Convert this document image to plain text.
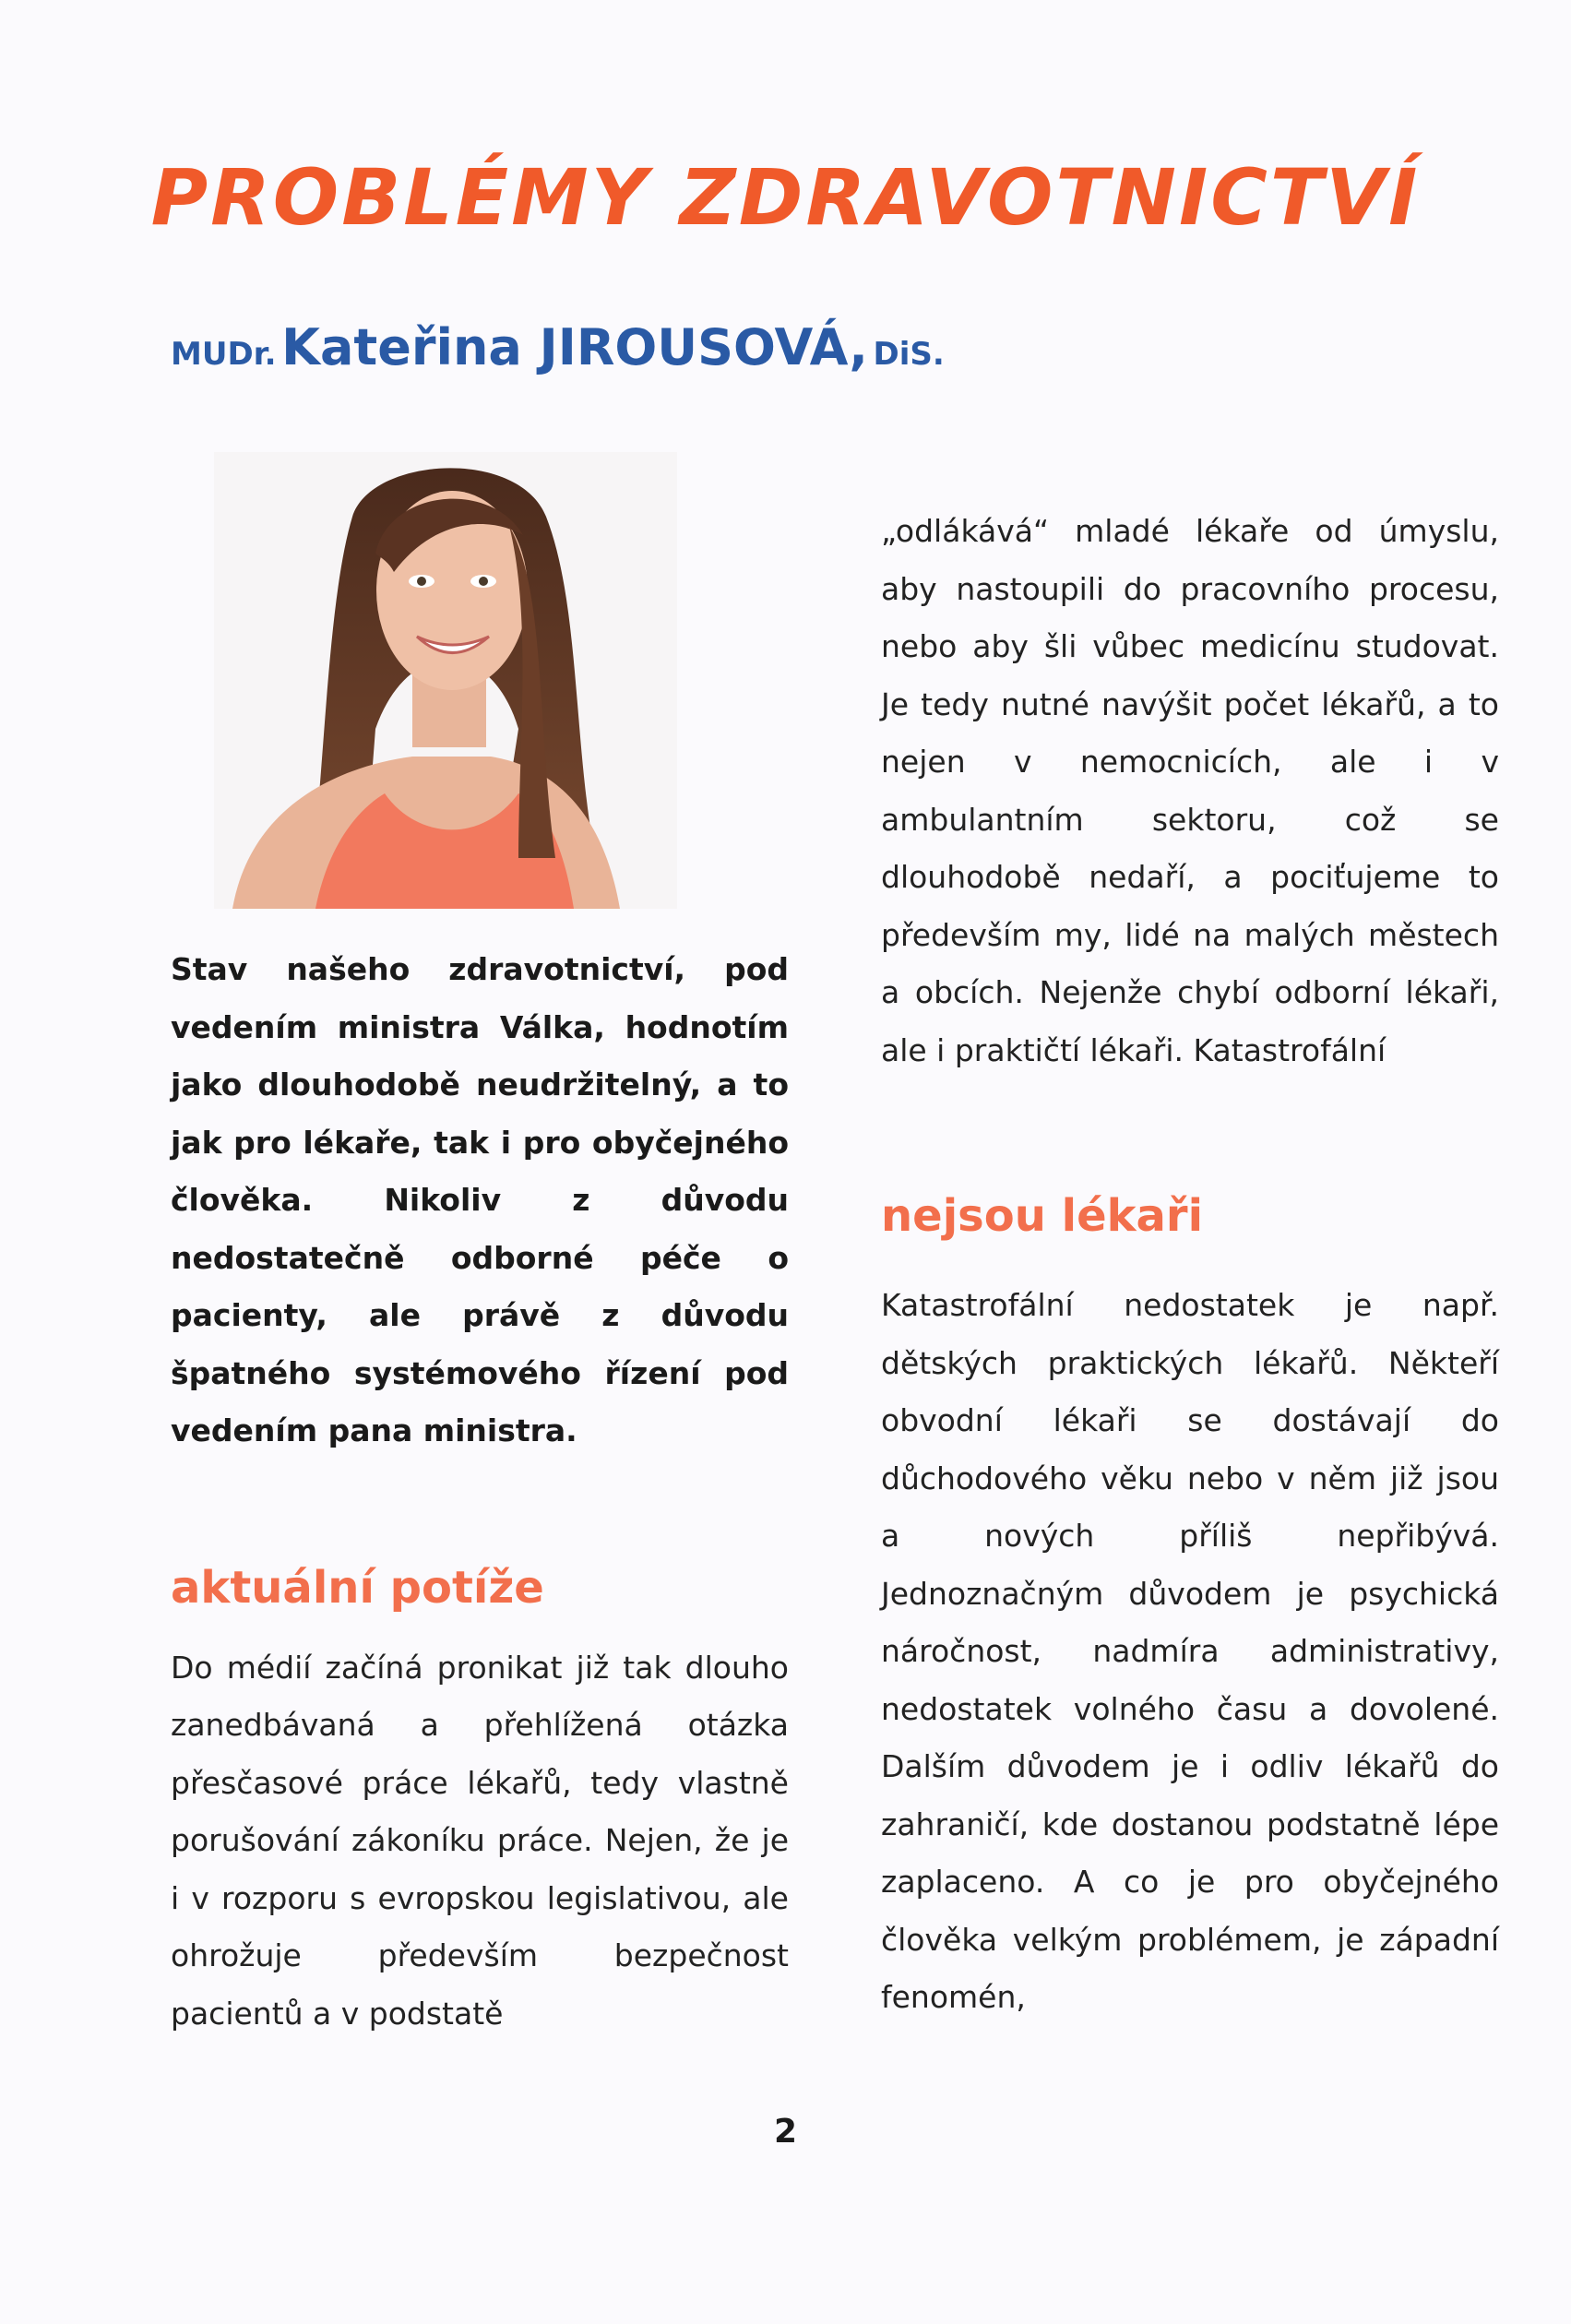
PROBLÉMY ZDRAVOTNICTVÍ
MUDr. Kateřina JIROUSOVÁ, DiS.

Stav našeho zdravotnictví, pod vedením ministra Válka, hodnotím jako dlouhodobě neudržitelný, a to jak pro lékaře, tak i pro obyčejného člověka. Nikoliv z důvodu nedostatečně odborné péče o pacienty, ale právě z důvodu špatného systémového řízení pod vedením pana ministra.

aktuální potíže

Do médií začíná pronikat již tak dlouho zanedbávaná a přehlížená otázka přesčasové práce lékařů, tedy vlastně porušování zákoníku práce. Nejen, že je i v rozporu s evropskou legislativou, ale ohrožuje především bezpečnost pacientů a v podstatě

„odlákává“ mladé lékaře od úmyslu, aby nastoupili do pracovního procesu, nebo aby šli vůbec medicínu studovat. Je tedy nutné navýšit počet lékařů, a to nejen v nemocnicích, ale i v ambulantním sektoru, což se dlouhodobě nedaří, a pociťujeme to především my, lidé na malých městech a obcích. Nejenže chybí odborní lékaři, ale i praktičtí lékaři. Katastrofální

nejsou lékaři

Katastrofální nedostatek je např. dětských praktických lékařů. Někteří obvodní lékaři se dostávají do důchodového věku nebo v něm již jsou a nových příliš nepřibývá. Jednoznačným důvodem je psychická náročnost, nadmíra administrativy, nedostatek volného času a dovolené. Dalším důvodem je i odliv lékařů do zahraničí, kde dostanou podstatně lépe zaplaceno. A co je pro obyčejného člověka velkým problémem, je západní fenomén,

2
